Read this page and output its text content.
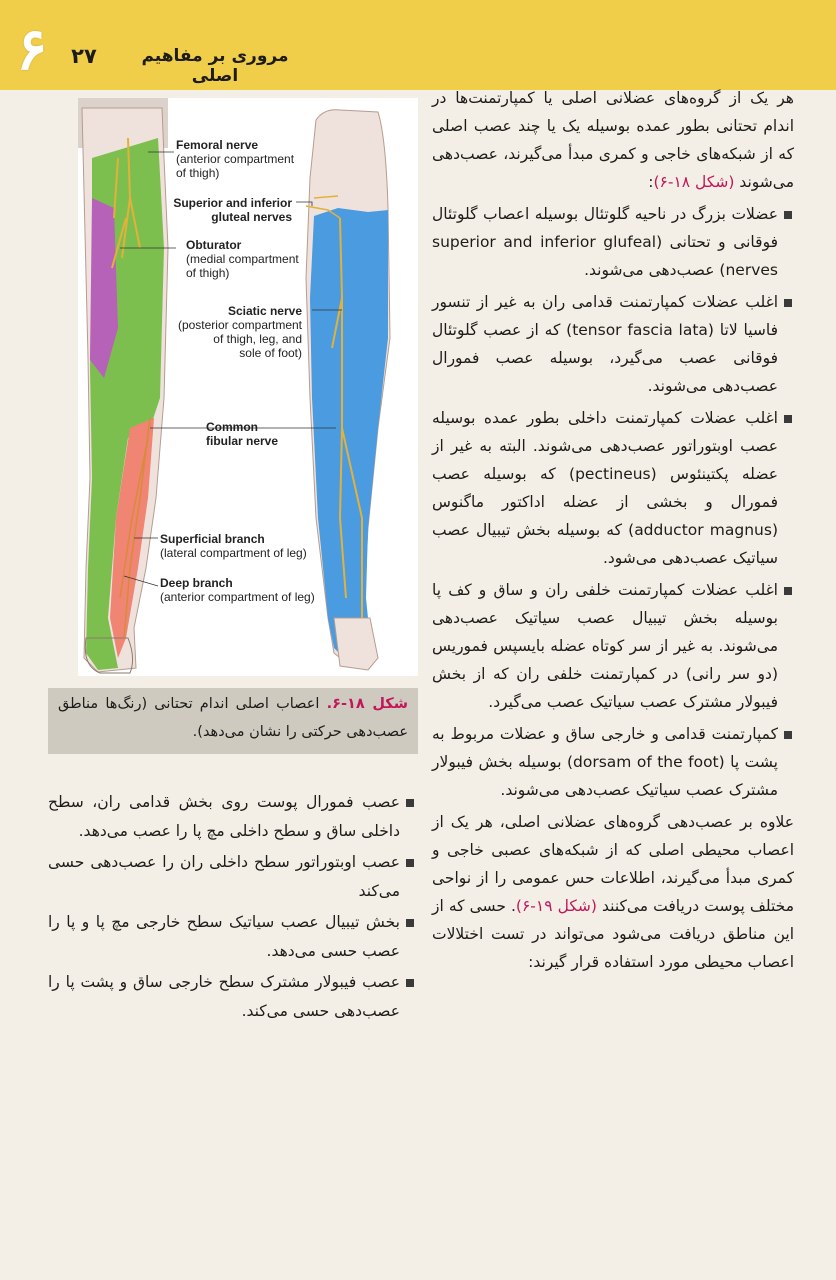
۶	۲۷	مروری بر مفاهیم اصلی
Femoral nerve
(anterior compartment
of thigh)
Superior and inferior
gluteal nerves
Obturator
(medial compartment
of thigh)
Sciatic nerve
(posterior compartment
of thigh, leg, and
sole of foot)
Common
fibular nerve
Superficial branch
(lateral compartment of leg)
Deep branch
(anterior compartment of leg)
شکل ۱۸-۶. اعصاب اصلی اندام تحتانی (رنگ‌ها مناطق عصب‌دهی حرکتی را نشان می‌دهد).

هر یک از گروه‌های عضلانی اصلی یا کمپارتمنت‌ها در اندام تحتانی بطور عمده بوسیله یک یا چند عصب اصلی که از شبکه‌های خاجی و کمری مبدأ می‌گیرند، عصب‌دهی می‌شوند (شکل ۱۸-۶):

عضلات بزرگ در ناحیه گلوتئال بوسیله اعصاب گلوتئال فوقانی و تحتانی (superior and inferior glufeal nerves) عصب‌دهی می‌شوند.

اغلب عضلات کمپارتمنت قدامی ران به غیر از تنسور فاسیا لاتا (tensor fascia lata) که از عصب گلوتئال فوقانی عصب می‌گیرد، بوسیله عصب فمورال عصب‌دهی می‌شوند.

اغلب عضلات کمپارتمنت داخلی بطور عمده بوسیله عصب اوبتوراتور عصب‌دهی می‌شوند. البته به غیر از عضله پکتینئوس (pectineus) که بوسیله عصب فمورال و بخشی از عضله اداکتور ماگنوس (adductor magnus) که بوسیله بخش تیبیال عصب سیاتیک عصب‌دهی می‌شود.

اغلب عضلات کمپارتمنت خلفی ران و ساق و کف پا بوسیله بخش تیبیال عصب سیاتیک عصب‌دهی می‌شوند. به غیر از سر کوتاه عضله بایسپس فموریس (دو سر رانی) در کمپارتمنت خلفی ران که از بخش فیبولار مشترک عصب سیاتیک عصب می‌گیرد.

کمپارتمنت قدامی و خارجی ساق و عضلات مربوط به پشت پا (dorsam of the foot) بوسیله بخش فیبولار مشترک عصب سیاتیک عصب‌دهی می‌شوند.

علاوه بر عصب‌دهی گروه‌های عضلانی اصلی، هر یک از اعصاب محیطی اصلی که از شبکه‌های عصبی خاجی و کمری مبدأ می‌گیرند، اطلاعات حس عمومی را از نواحی مختلف پوست دریافت می‌کنند (شکل ۱۹-۶). حسی که از این مناطق دریافت می‌شود می‌تواند در تست اختلالات اعصاب محیطی مورد استفاده قرار گیرند:

عصب فمورال پوست روی بخش قدامی ران، سطح داخلی ساق و سطح داخلی مچ پا را عصب می‌دهد.

عصب اوبتوراتور سطح داخلی ران را عصب‌دهی حسی می‌کند

بخش تیبیال عصب سیاتیک سطح خارجی مچ پا و پا را عصب حسی می‌دهد.

عصب فیبولار مشترک سطح خارجی ساق و پشت پا را عصب‌دهی حسی می‌کند.
